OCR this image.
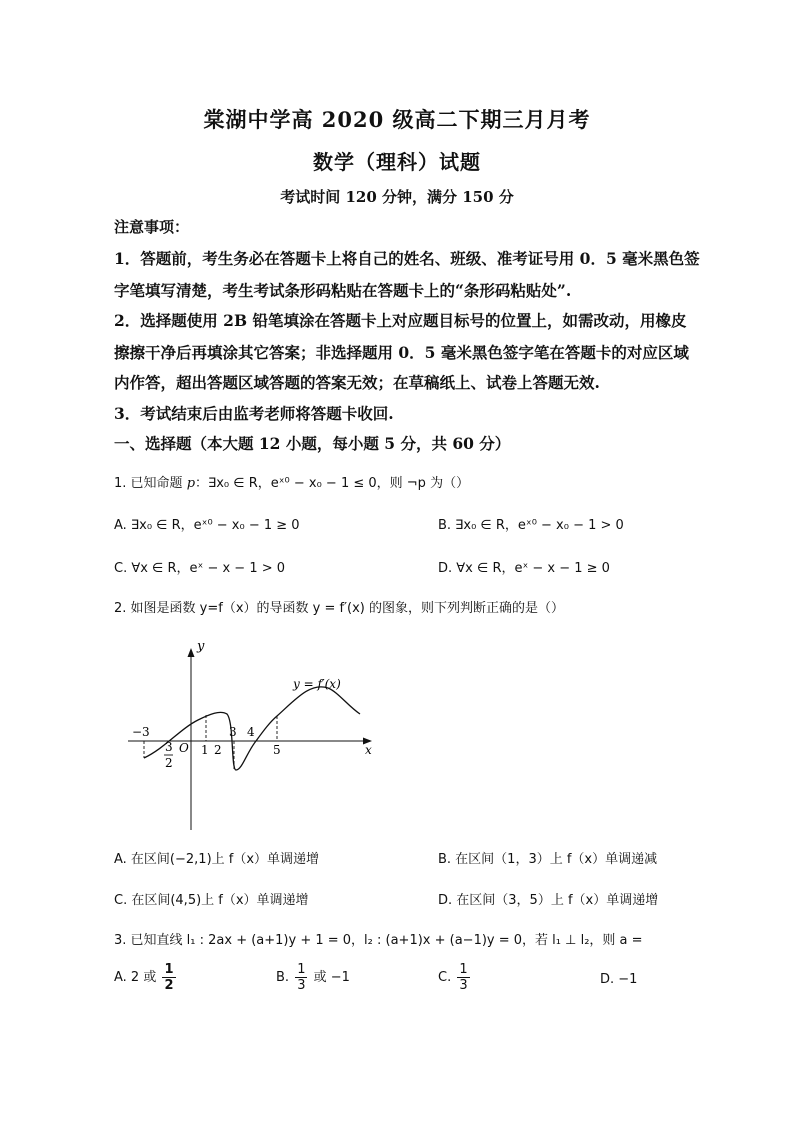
棠湖中学高 2020 级高二下期三月月考
数学（理科）试题
考试时间 120 分钟，满分 150 分
注意事项：
1．答题前，考生务必在答题卡上将自己的姓名、班级、准考证号用 0．5 毫米黑色签
字笔填写清楚，考生考试条形码粘贴在答题卡上的“条形码粘贴处”.
2．选择题使用 2B 铅笔填涂在答题卡上对应题目标号的位置上，如需改动，用橡皮
擦擦干净后再填涂其它答案；非选择题用 0．5 毫米黑色签字笔在答题卡的对应区域
内作答，超出答题区域答题的答案无效；在草稿纸上、试卷上答题无效.
3．考试结束后由监考老师将答题卡收回.
一、选择题（本大题 12 小题，每小题 5 分，共 60 分）
1. 已知命题 p：∃x₀ ∈ R，eˣ⁰ − x₀ − 1 ≤ 0，则 ¬p 为（）
A. ∃x₀ ∈ R，eˣ⁰ − x₀ − 1 ≥ 0	B. ∃x₀ ∈ R，eˣ⁰ − x₀ − 1 > 0
C. ∀x ∈ R，eˣ − x − 1 > 0	D. ∀x ∈ R，eˣ − x − 1 ≥ 0
2. 如图是函数 y=f（x）的导函数 y = f′(x) 的图象，则下列判断正确的是（）
y
x
y = f′(x)
−3
3
2
O 1 2
3 4
5
A. 在区间(−2,1)上 f（x）单调递增	B. 在区间（1，3）上 f（x）单调递减
C. 在区间(4,5)上 f（x）单调递增	D. 在区间（3，5）上 f（x）单调递增
3. 已知直线 l₁ : 2ax + (a+1)y + 1 = 0，l₂ : (a+1)x + (a−1)y = 0，若 l₁ ⊥ l₂，则 a =
A. 2 或 $\frac{1}{2}$	B. $\frac{1}{3}$ 或 −1	C. $\frac{1}{3}$	D. −1
